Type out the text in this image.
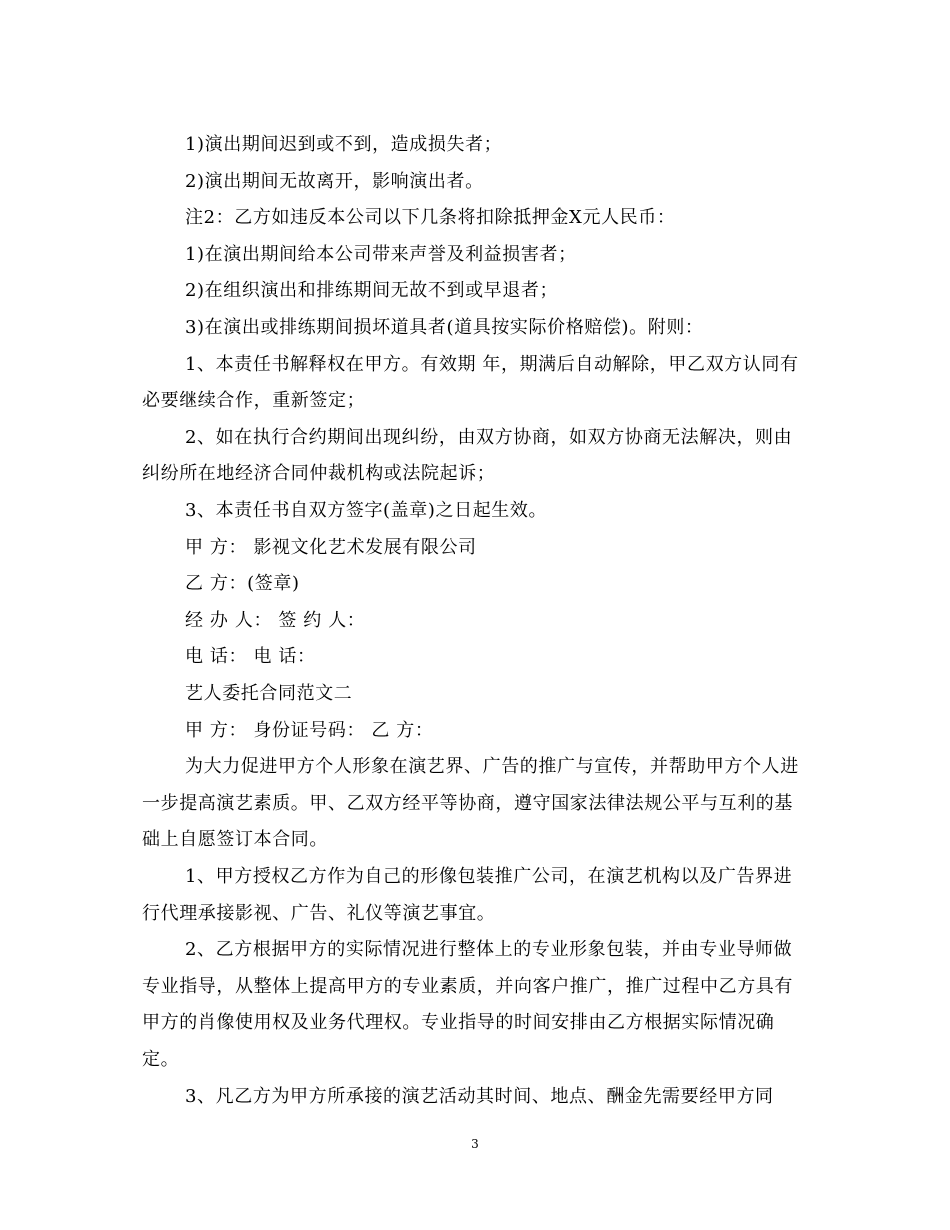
1)演出期间迟到或不到，造成损失者；
2)演出期间无故离开，影响演出者。
注2：乙方如违反本公司以下几条将扣除抵押金X元人民币：
1)在演出期间给本公司带来声誉及利益损害者；
2)在组织演出和排练期间无故不到或早退者；
3)在演出或排练期间损坏道具者(道具按实际价格赔偿)。附则：
1、本责任书解释权在甲方。有效期 年，期满后自动解除，甲乙双方认同有
必要继续合作，重新签定；
2、如在执行合约期间出现纠纷，由双方协商，如双方协商无法解决，则由
纠纷所在地经济合同仲裁机构或法院起诉；
3、本责任书自双方签字(盖章)之日起生效。
甲 方： 影视文化艺术发展有限公司
乙 方：(签章)
经 办 人： 签 约 人：
电 话： 电 话：
艺人委托合同范文二
甲 方： 身份证号码： 乙 方：
为大力促进甲方个人形象在演艺界、广告的推广与宣传，并帮助甲方个人进
一步提高演艺素质。甲、乙双方经平等协商，遵守国家法律法规公平与互利的基
础上自愿签订本合同。
1、甲方授权乙方作为自己的形像包装推广公司，在演艺机构以及广告界进
行代理承接影视、广告、礼仪等演艺事宜。
2、乙方根据甲方的实际情况进行整体上的专业形象包装，并由专业导师做
专业指导，从整体上提高甲方的专业素质，并向客户推广，推广过程中乙方具有
甲方的肖像使用权及业务代理权。专业指导的时间安排由乙方根据实际情况确
定。
3、凡乙方为甲方所承接的演艺活动其时间、地点、酬金先需要经甲方同
3
